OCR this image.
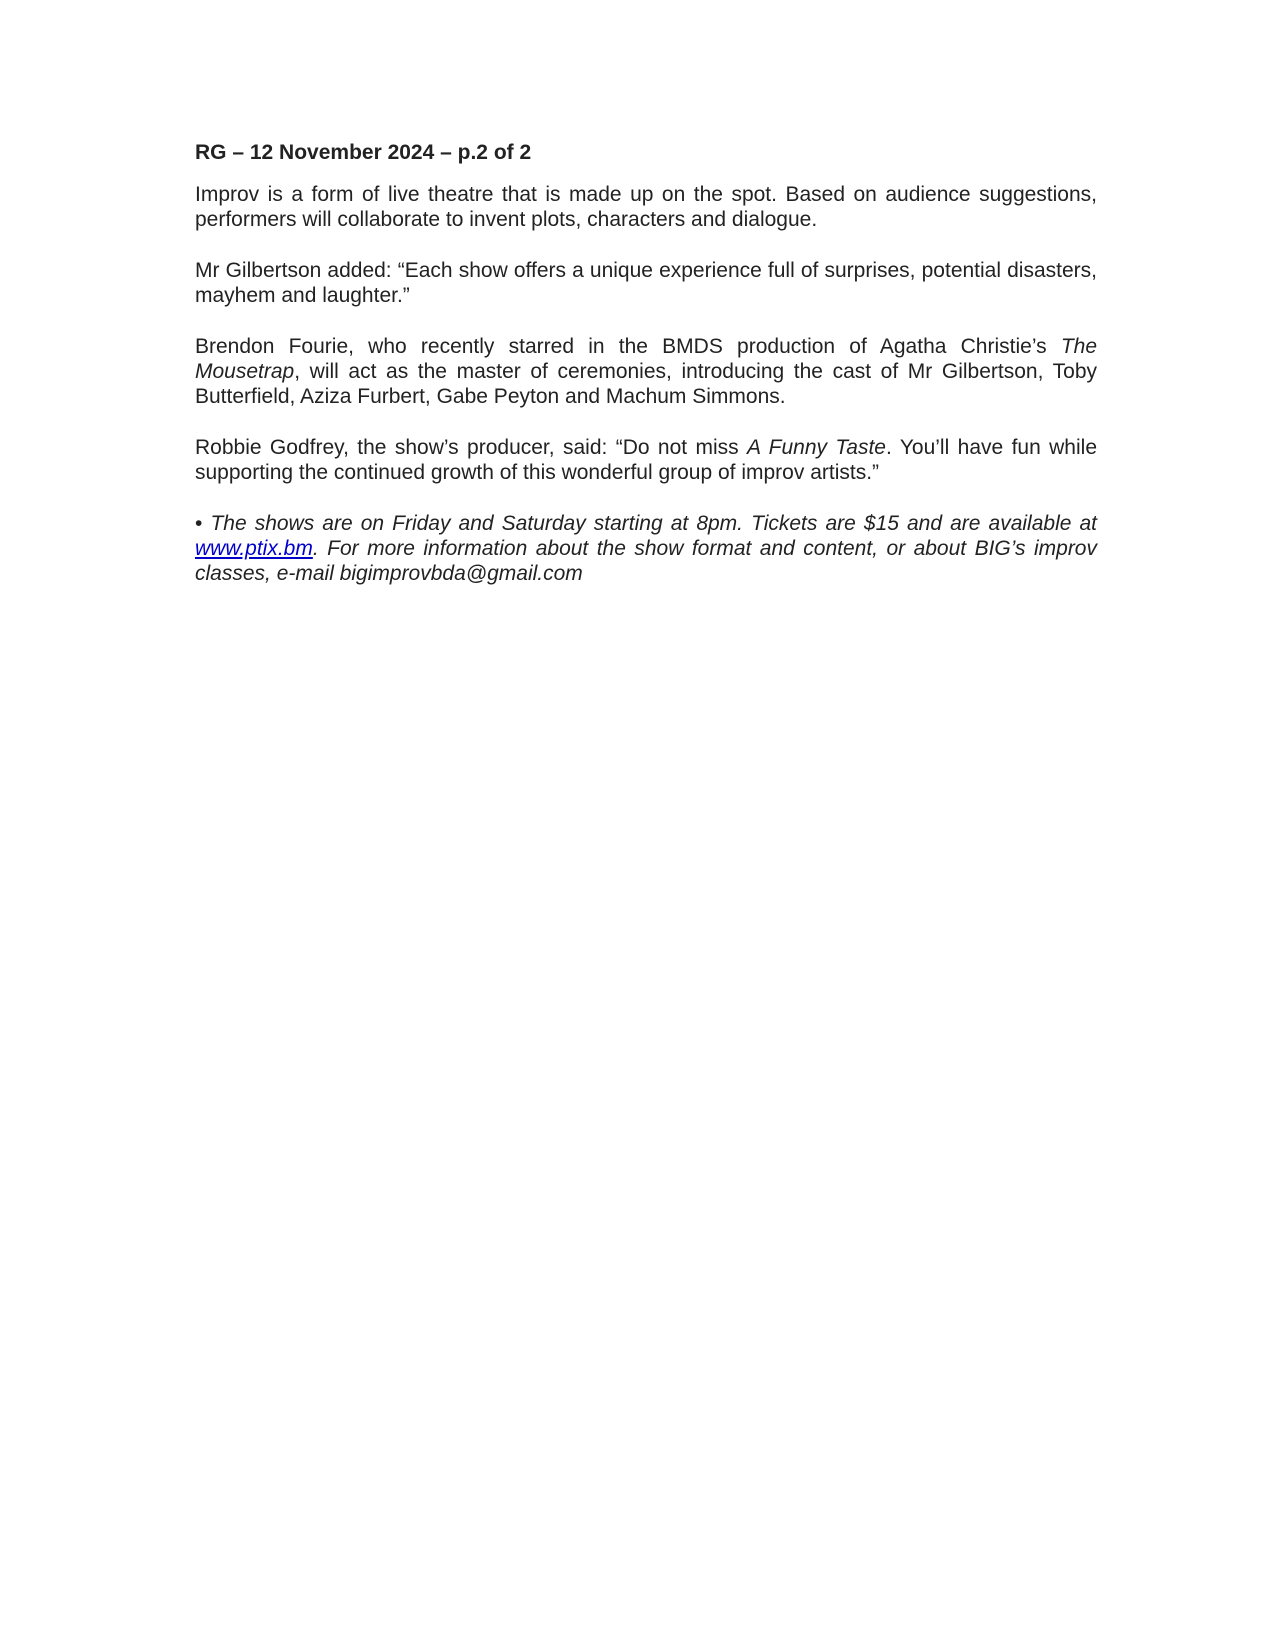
RG – 12 November 2024 – p.2 of 2

Improv is a form of live theatre that is made up on the spot. Based on audience suggestions, performers will collaborate to invent plots, characters and dialogue.

Mr Gilbertson added: “Each show offers a unique experience full of surprises, potential disasters, mayhem and laughter.”

Brendon Fourie, who recently starred in the BMDS production of Agatha Christie’s The Mousetrap, will act as the master of ceremonies, introducing the cast of Mr Gilbertson, Toby Butterfield, Aziza Furbert, Gabe Peyton and Machum Simmons.

Robbie Godfrey, the show’s producer, said: “Do not miss A Funny Taste. You’ll have fun while supporting the continued growth of this wonderful group of improv artists.”

• The shows are on Friday and Saturday starting at 8pm. Tickets are $15 and are available at www.ptix.bm. For more information about the show format and content, or about BIG’s improv classes, e-mail bigimprovbda@gmail.com
